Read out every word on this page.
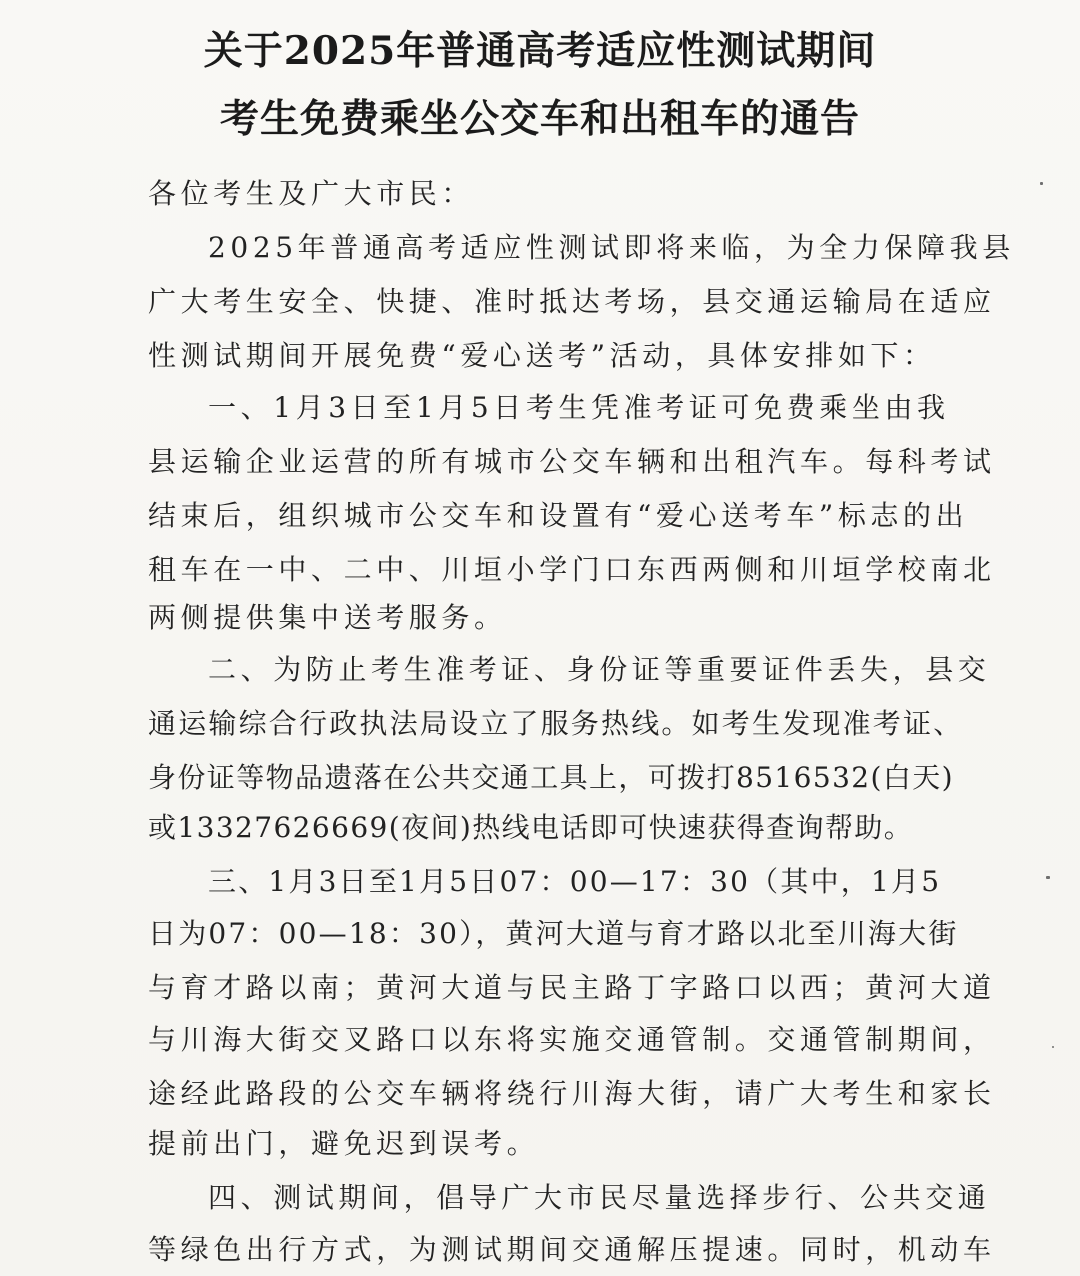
关于2025年普通高考适应性测试期间
考生免费乘坐公交车和出租车的通告
各位考生及广大市民：
2025年普通高考适应性测试即将来临，为全力保障我县
广大考生安全、快捷、准时抵达考场，县交通运输局在适应
性测试期间开展免费“爱心送考”活动，具体安排如下：
一、1月3日至1月5日考生凭准考证可免费乘坐由我
县运输企业运营的所有城市公交车辆和出租汽车。每科考试
结束后，组织城市公交车和设置有“爱心送考车”标志的出
租车在一中、二中、川垣小学门口东西两侧和川垣学校南北
两侧提供集中送考服务。
二、为防止考生准考证、身份证等重要证件丢失，县交
通运输综合行政执法局设立了服务热线。如考生发现准考证、
身份证等物品遗落在公共交通工具上，可拨打8516532(白天)
或13327626669(夜间)热线电话即可快速获得查询帮助。
三、1月3日至1月5日07：00—17：30（其中，1月5
日为07：00—18：30），黄河大道与育才路以北至川海大街
与育才路以南；黄河大道与民主路丁字路口以西；黄河大道
与川海大街交叉路口以东将实施交通管制。交通管制期间，
途经此路段的公交车辆将绕行川海大街，请广大考生和家长
提前出门，避免迟到误考。
四、测试期间，倡导广大市民尽量选择步行、公共交通
等绿色出行方式，为测试期间交通解压提速。同时，机动车
